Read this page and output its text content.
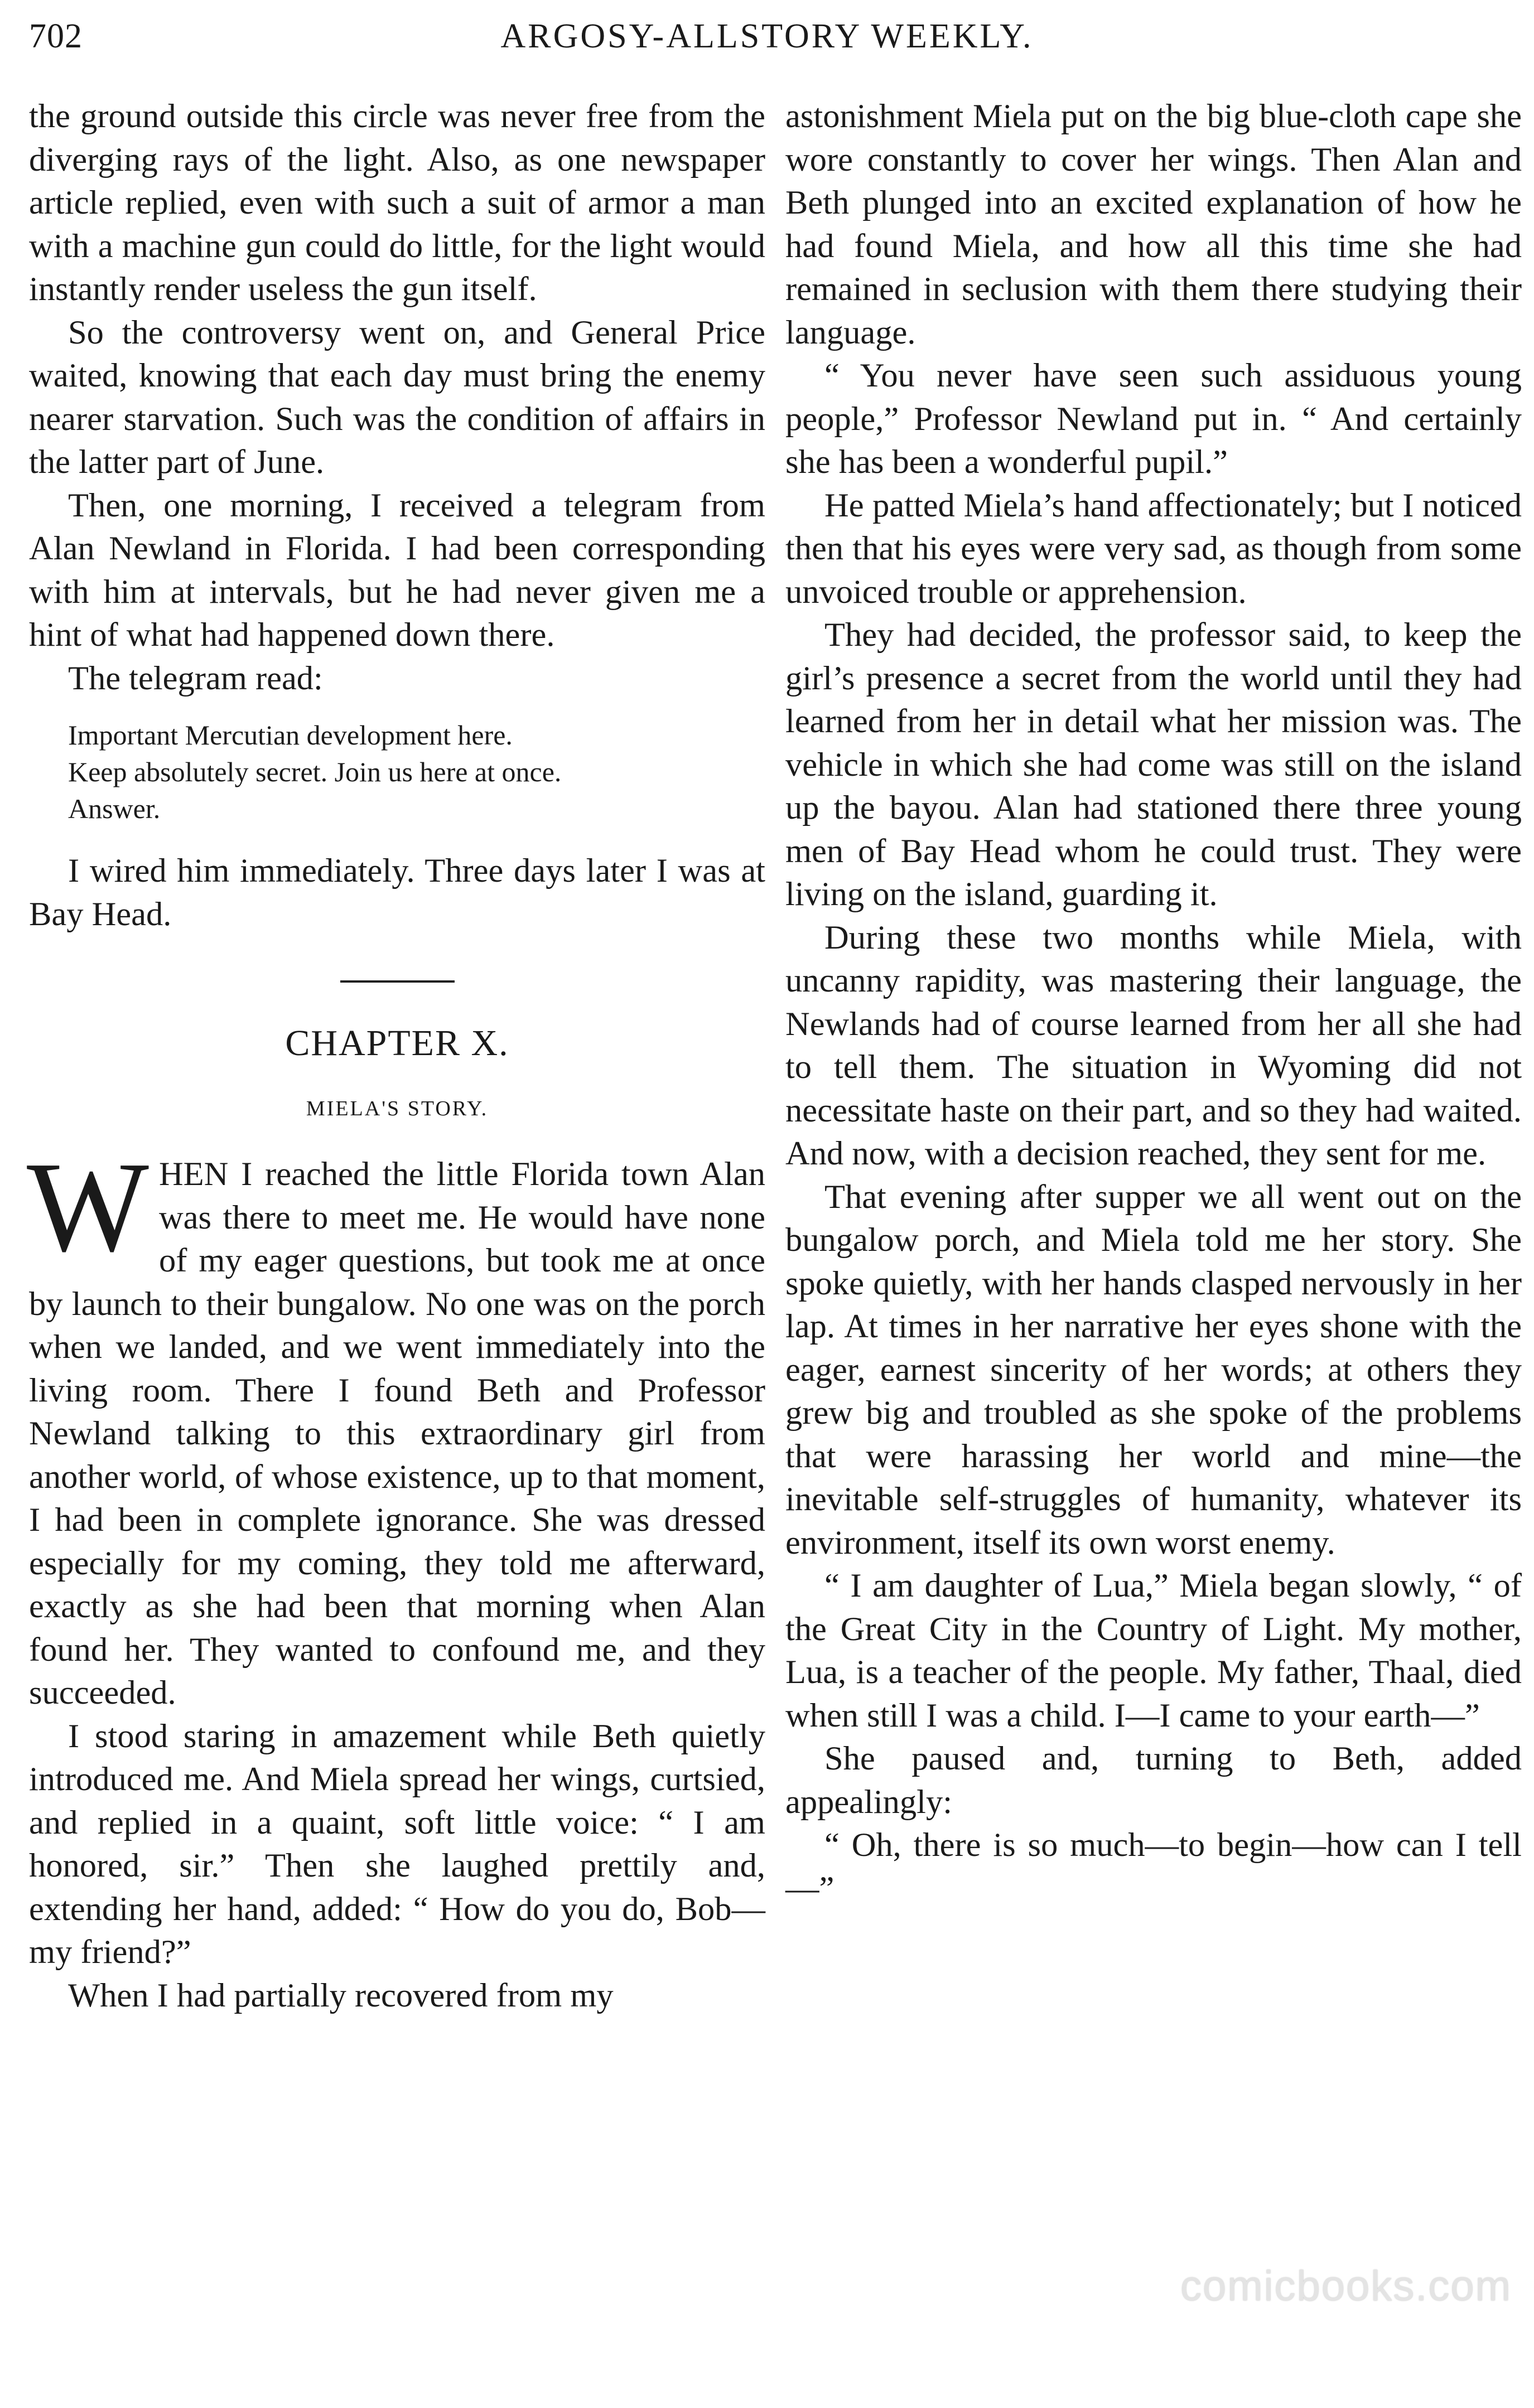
702	ARGOSY-ALLSTORY WEEKLY.

the ground outside this circle was never free from the diverging rays of the light. Also, as one newspaper article replied, even with such a suit of armor a man with a machine gun could do little, for the light would instantly render useless the gun itself.

So the controversy went on, and General Price waited, knowing that each day must bring the enemy nearer starvation. Such was the condition of affairs in the latter part of June.

Then, one morning, I received a telegram from Alan Newland in Florida. I had been corresponding with him at intervals, but he had never given me a hint of what had happened down there.

The telegram read:

Important Mercutian development here.
Keep absolutely secret. Join us here at once.
Answer.

I wired him immediately. Three days later I was at Bay Head.

CHAPTER X.
MIELA'S STORY.

WHEN I reached the little Florida town Alan was there to meet me. He would have none of my eager questions, but took me at once by launch to their bungalow. No one was on the porch when we landed, and we went immediately into the living room. There I found Beth and Professor Newland talking to this extraordinary girl from another world, of whose existence, up to that moment, I had been in complete ignorance. She was dressed especially for my coming, they told me afterward, exactly as she had been that morning when Alan found her. They wanted to confound me, and they succeeded.

I stood staring in amazement while Beth quietly introduced me. And Miela spread her wings, curtsied, and replied in a quaint, soft little voice: “ I am honored, sir.” Then she laughed prettily and, extending her hand, added: “ How do you do, Bob—my friend?”

When I had partially recovered from my

astonishment Miela put on the big blue-cloth cape she wore constantly to cover her wings. Then Alan and Beth plunged into an excited explanation of how he had found Miela, and how all this time she had remained in seclusion with them there studying their language.

“ You never have seen such assiduous young people,” Professor Newland put in. “ And certainly she has been a wonderful pupil.”

He patted Miela’s hand affectionately; but I noticed then that his eyes were very sad, as though from some unvoiced trouble or apprehension.

They had decided, the professor said, to keep the girl’s presence a secret from the world until they had learned from her in detail what her mission was. The vehicle in which she had come was still on the island up the bayou. Alan had stationed there three young men of Bay Head whom he could trust. They were living on the island, guarding it.

During these two months while Miela, with uncanny rapidity, was mastering their language, the Newlands had of course learned from her all she had to tell them. The situation in Wyoming did not necessitate haste on their part, and so they had waited. And now, with a decision reached, they sent for me.

That evening after supper we all went out on the bungalow porch, and Miela told me her story. She spoke quietly, with her hands clasped nervously in her lap. At times in her narrative her eyes shone with the eager, earnest sincerity of her words; at others they grew big and troubled as she spoke of the problems that were harassing her world and mine—the inevitable self-struggles of humanity, whatever its environment, itself its own worst enemy.

“ I am daughter of Lua,” Miela began slowly, “ of the Great City in the Country of Light. My mother, Lua, is a teacher of the people. My father, Thaal, died when still I was a child. I—I came to your earth—”

She paused and, turning to Beth, added appealingly:

“ Oh, there is so much—to begin—how can I tell—”

comicbooks.com
